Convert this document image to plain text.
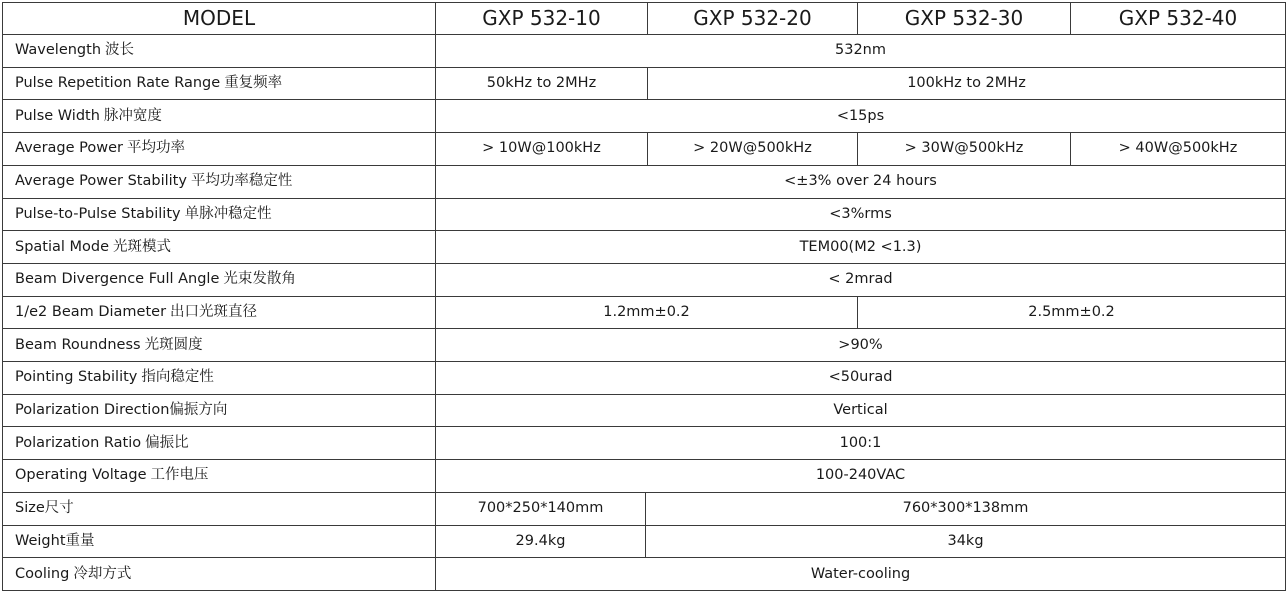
MODEL	GXP 532-10		GXP 532-20	GXP 532-30	GXP 532-40
Wavelength 波长	532nm				
Pulse Repetition Rate Range 重复频率	50kHz to 2MHz		100kHz to 2MHz		
Pulse Width 脉冲宽度	<15ps				
Average Power 平均功率	> 10W@100kHz		> 20W@500kHz	> 30W@500kHz	> 40W@500kHz
Average Power Stability 平均功率稳定性	<±3% over 24 hours				
Pulse-to-Pulse Stability 单脉冲稳定性	<3%rms				
Spatial Mode 光斑模式	TEM00(M2 <1.3)				
Beam Divergence Full Angle 光束发散角	< 2mrad				
1/e2 Beam Diameter 出口光斑直径	1.2mm±0.2			2.5mm±0.2	
Beam Roundness 光斑圆度	>90%				
Pointing Stability 指向稳定性	<50urad				
Polarization Direction偏振方向	Vertical				
Polarization Ratio 偏振比	100:1				
Operating Voltage 工作电压	100-240VAC				
Size尺寸	700*250*140mm	760*300*138mm			
Weight重量	29.4kg	34kg			
Cooling 冷却方式	Water-cooling				
